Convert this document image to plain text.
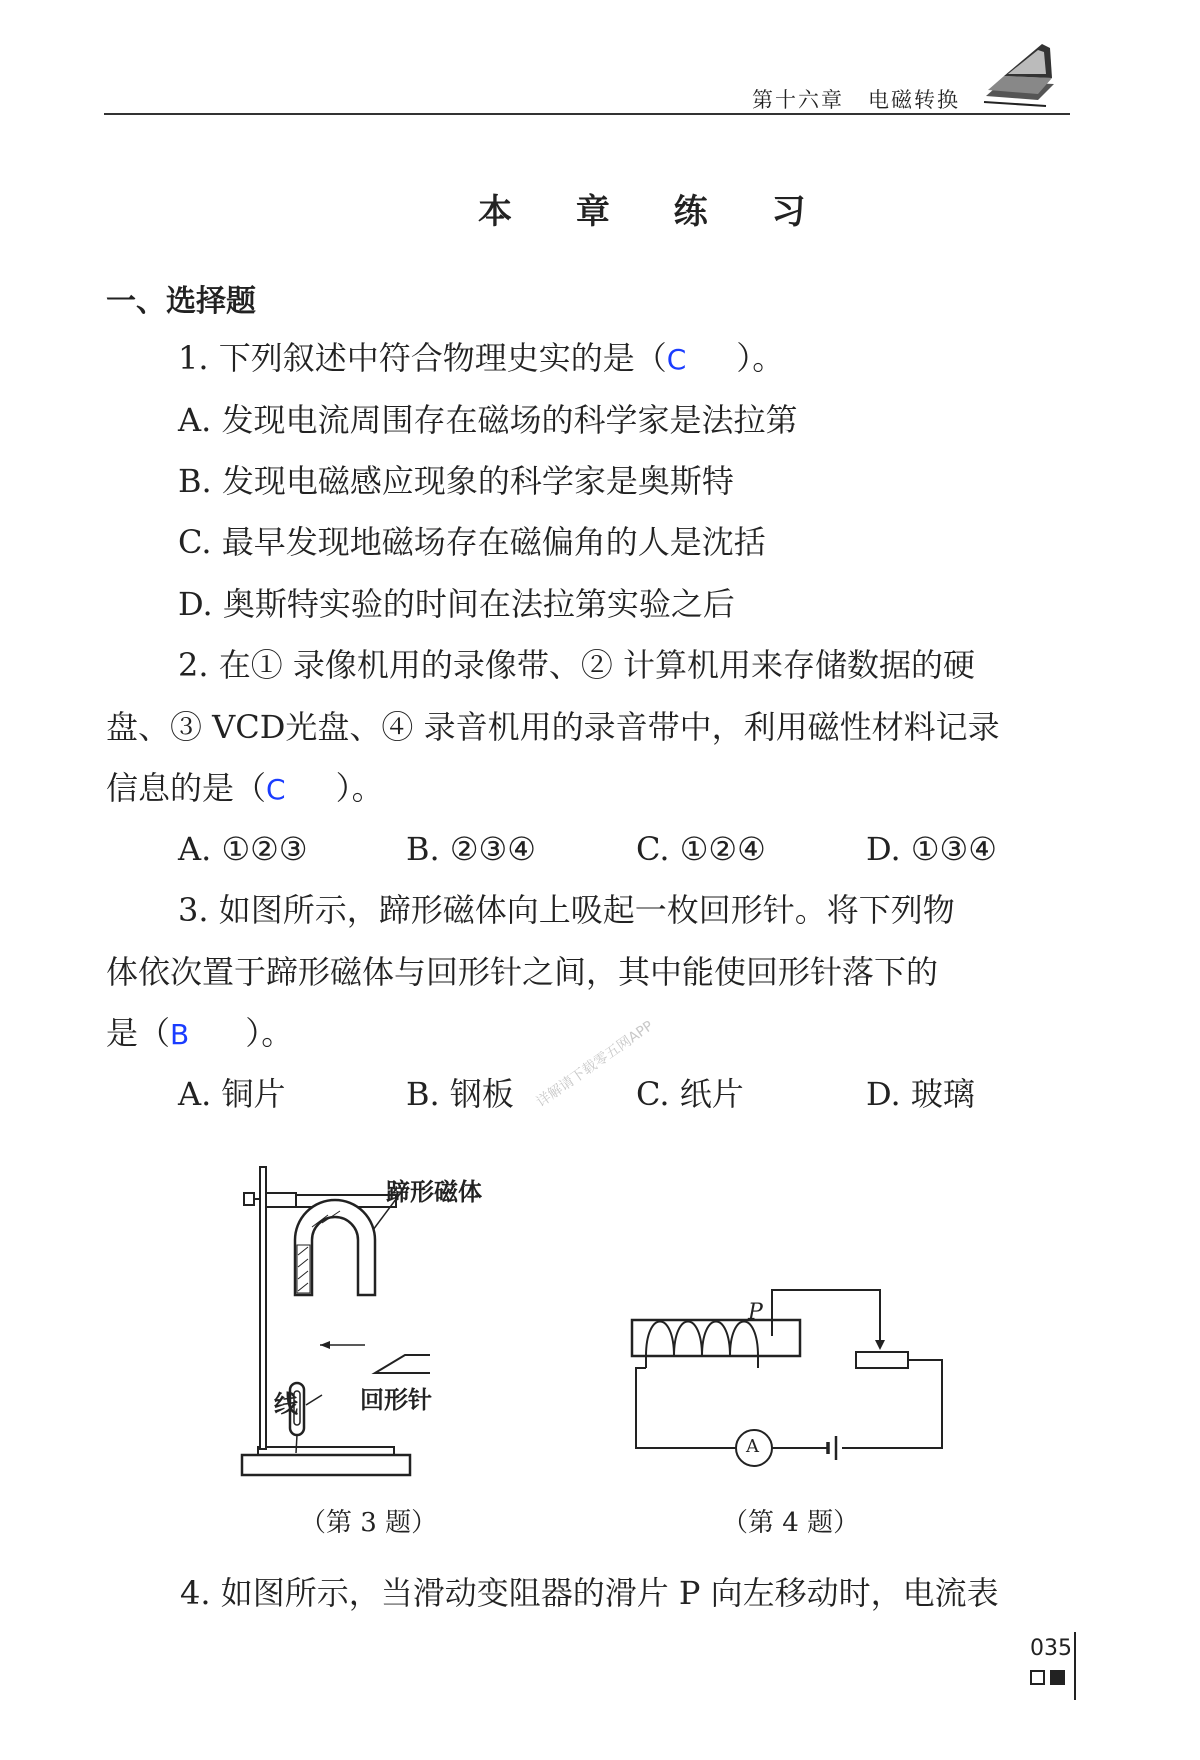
第十六章 电磁转换
本 章 练 习
一、选择题
1. 下列叙述中符合物理史实的是（C ）。
A. 发现电流周围存在磁场的科学家是法拉第
B. 发现电磁感应现象的科学家是奥斯特
C. 最早发现地磁场存在磁偏角的人是沈括
D. 奥斯特实验的时间在法拉第实验之后
2. 在① 录像机用的录像带、② 计算机用来存储数据的硬
盘、③ VCD光盘、④ 录音机用的录音带中，利用磁性材料记录
信息的是（C ）。
A. ①②③	B. ②③④	C. ①②④	D. ①③④
3. 如图所示，蹄形磁体向上吸起一枚回形针。将下列物
体依次置于蹄形磁体与回形针之间，其中能使回形针落下的
是（B ）。
A. 铜片	B. 钢板	C. 纸片	D. 玻璃
详解请下载零五网APP
蹄形磁体
线	回形针
（第 3 题）
P
A
（第 4 题）
4. 如图所示，当滑动变阻器的滑片 P 向左移动时，电流表
035
